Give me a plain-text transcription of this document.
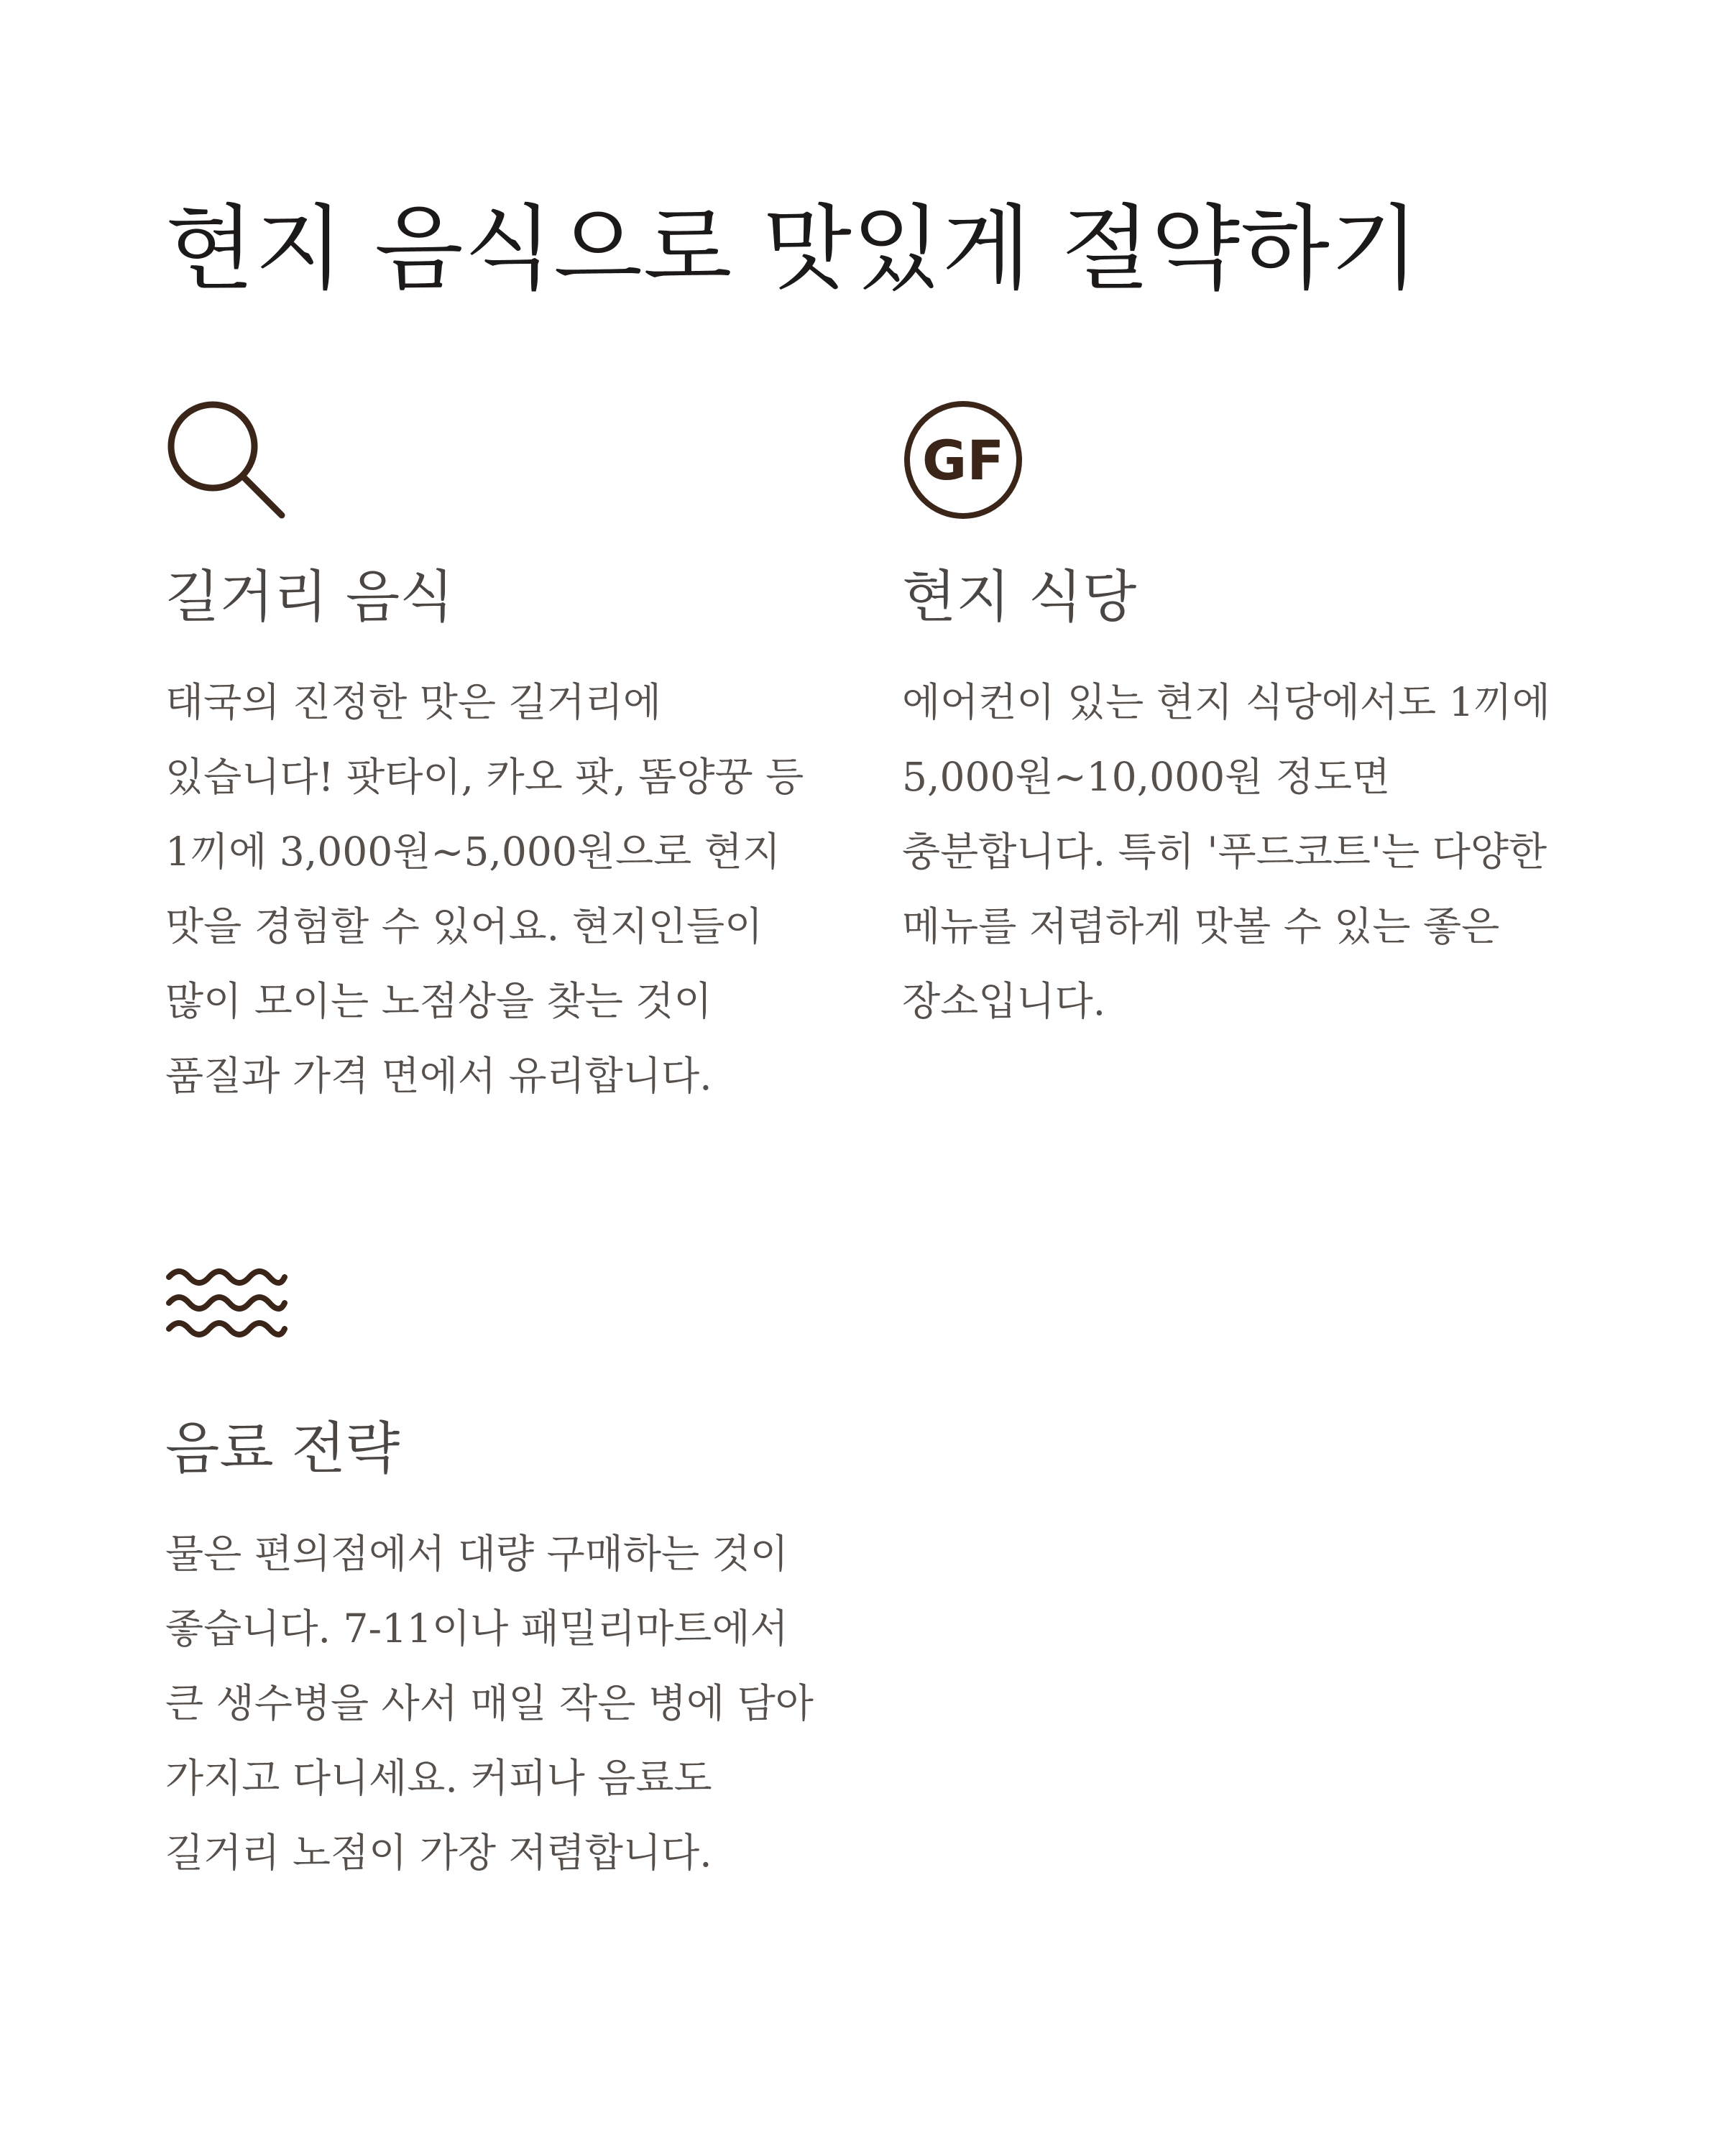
현지 음식으로 맛있게 절약하기
길거리 음식

태국의 진정한 맛은 길거리에 있습니다! 팟타이, 카오 팟, 똠양꿍 등 1끼에 3,000원~5,000원으로 현지 맛을 경험할 수 있어요. 현지인들이 많이 모이는 노점상을 찾는 것이 품질과 가격 면에서 유리합니다.

GF
현지 식당

에어컨이 있는 현지 식당에서도 1끼에 5,000원~10,000원 정도면 충분합니다. 특히 '푸드코트'는 다양한 메뉴를 저렴하게 맛볼 수 있는 좋은 장소입니다.

음료 전략

물은 편의점에서 대량 구매하는 것이 좋습니다. 7-11이나 패밀리마트에서 큰 생수병을 사서 매일 작은 병에 담아 가지고 다니세요. 커피나 음료도 길거리 노점이 가장 저렴합니다.
